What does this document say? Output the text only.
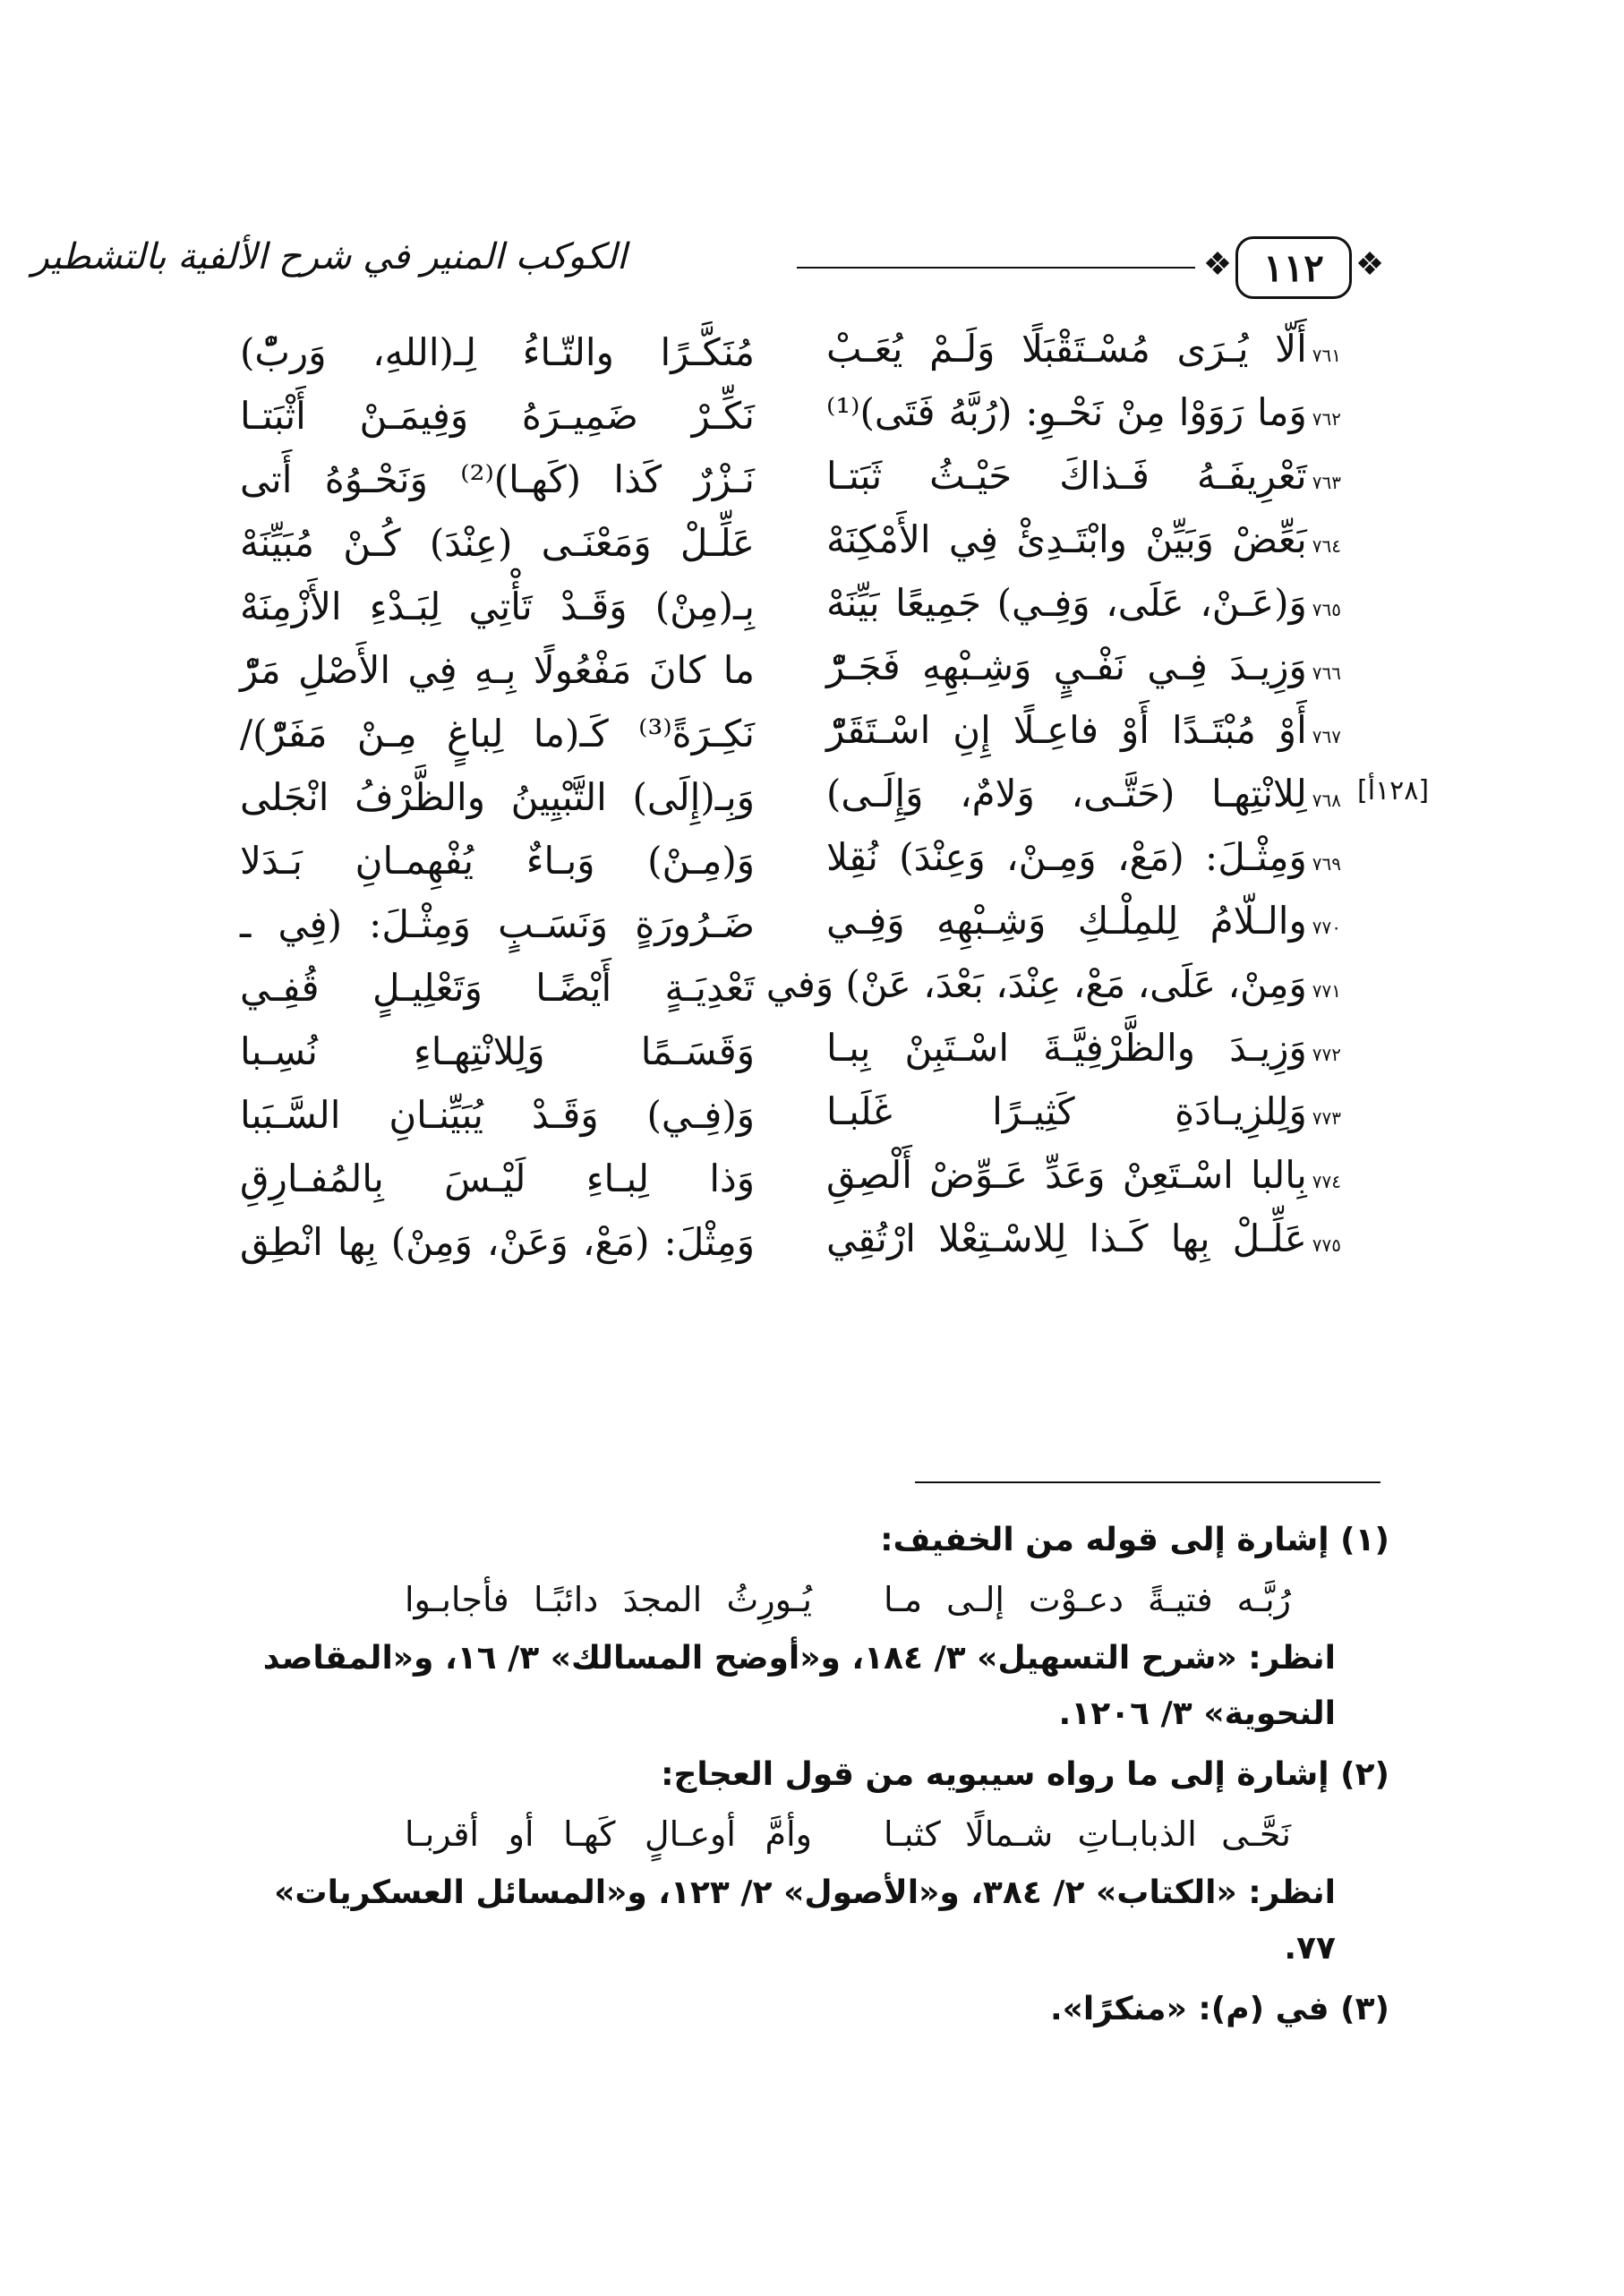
❖
١١٢
❖
الكوكب المنير في شرح الألفية بالتشطير
[١٢٨أ]
٧٦١أَلّا يُـرَى مُسْـتَقْبَلًا وَلَـمْ يُعَـبْ
مُنَكَّـرًا والتّـاءُ لِـ(اللهِ، وَربّْ)
٧٦٢وَما رَوَوْا مِنْ نَحْـوِ: (رُبَّهُ فَتَى)⁽¹⁾
نَكِّـرْ ضَمِيـرَهُ وَفِيمَـنْ أَثْبَتـا
٧٦٣تَعْرِيفَـهُ فَـذاكَ حَيْـثُ ثَبَتـا
نَـزْرٌ كَذا (كَهـا)⁽²⁾ وَنَحْـوُهُ أَتى
٧٦٤بَعِّضْ وَبَيِّنْ وابْتَـدِئْ فِي الأَمْكِنَهْ
عَلِّـلْ وَمَعْنَـى (عِنْدَ) كُـنْ مُبَيِّنَهْ
٧٦٥وَ(عَـنْ، عَلَى، وَفِـي) جَمِيعًا بَيِّنَهْ
بِـ(مِنْ) وَقَـدْ تَأْتِي لِبَـدْءِ الأَزْمِنَهْ
٧٦٦وَزِيـدَ فِـي نَفْـيٍ وَشِـبْهِهِ فَجَـرّْ
ما كانَ مَفْعُولًا بِـهِ فِي الأَصْلِ مَرّْ
٧٦٧أَوْ مُبْتَـدًا أَوْ فاعِـلًا إِنِ اسْـتَقَرّْ
نَكِـرَةً⁽³⁾ كَـ(ما لِباغٍ مِـنْ مَفَرّْ)/
٧٦٨لِلانْتِهـا (حَتَّـى، وَلامٌ، وَإِلَـى)
وَبِـ(إِلَى) التَّبْيِينُ والظَّرْفُ انْجَلى
٧٦٩وَمِثْـلَ: (مَعْ، وَمِـنْ، وَعِنْدَ) نُقِلا
وَ(مِـنْ) وَبـاءٌ يُفْهِمـانِ بَـدَلا
٧٧٠والـلّامُ لِلمِلْـكِ وَشِـبْهِهِ وَفِـي
ضَـرُورَةٍ وَنَسَـبٍ وَمِثْـلَ: (فِي ـ
٧٧١وَمِنْ، عَلَى، مَعْ، عِنْدَ، بَعْدَ، عَنْ) وَفي
تَعْدِيَـةٍ أَيْضًـا وَتَعْلِيـلٍ قُفِـي
٧٧٢وَزِيـدَ والظَّرْفِيَّـةَ اسْـتَبِنْ بِبـا
وَقَسَـمًا وَلِلانْتِهـاءِ نُسِـبا
٧٧٣وَلِلزِيـادَةِ كَثِيـرًا غَلَبـا
وَ(فِـي) وَقَـدْ يُبَيِّنـانِ السَّـبَبا
٧٧٤بِالبا اسْـتَعِنْ وَعَدِّ عَـوِّضْ أَلْصِقِ
وَذا لِبـاءِ لَيْـسَ بِالمُفـارِقِ
٧٧٥عَلِّـلْ بِها كَـذا لِلاسْـتِعْلا ارْتُقِي
وَمِثْلَ: (مَعْ، وَعَنْ، وَمِنْ) بِها انْطِق
(١) إشارة إلى قوله من الخفيف:
رُبَّـه فتيـةً دعـوْت إلـى مـا
يُـورِثُ المجدَ دائبًـا فأجابـوا
انظر: «شرح التسهيل» ٣/ ١٨٤، و«أوضح المسالك» ٣/ ١٦، و«المقاصد النحوية» ٣/ ١٢٠٦.
(٢) إشارة إلى ما رواه سيبويه من قول العجاج:
نَحَّـى الذبابـاتِ شـمالًا كثبـا
وأمَّ أوعـالٍ كَهـا أو أقربـا
انظر: «الكتاب» ٢/ ٣٨٤، و«الأصول» ٢/ ١٢٣، و«المسائل العسكريات» ٧٧.
(٣) في (م): «منكرًا».
